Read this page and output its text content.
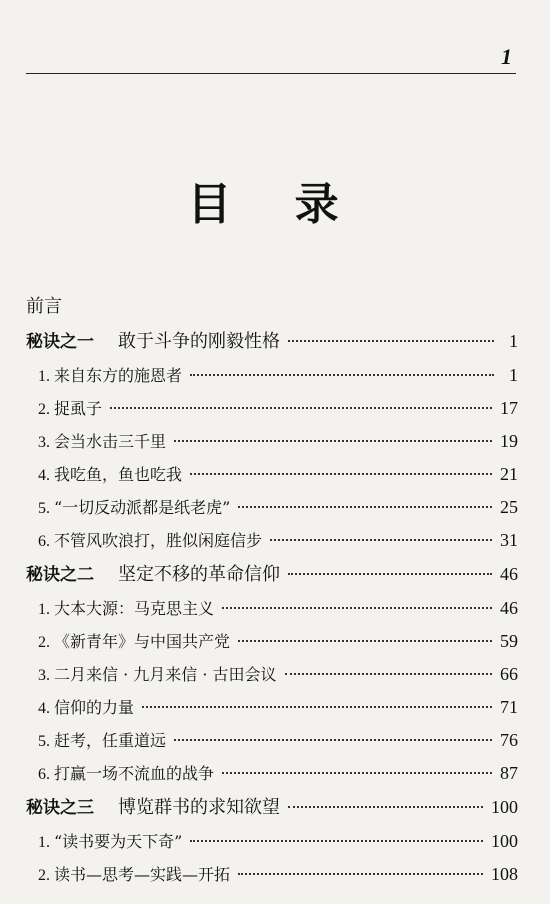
1
目 录
前言
秘诀之一 敢于斗争的刚毅性格	1
1. 来自东方的施恩者	1
2. 捉虱子	17
3. 会当水击三千里	19
4. 我吃鱼，鱼也吃我	21
5. “一切反动派都是纸老虎”	25
6. 不管风吹浪打，胜似闲庭信步	31
秘诀之二 坚定不移的革命信仰	46
1. 大本大源：马克思主义	46
2. 《新青年》与中国共产党	59
3. 二月来信 · 九月来信 · 古田会议	66
4. 信仰的力量	71
5. 赶考，任重道远	76
6. 打赢一场不流血的战争	87
秘诀之三 博览群书的求知欲望	100
1. “读书要为天下奇”	100
2. 读书—思考—实践—开拓	108
